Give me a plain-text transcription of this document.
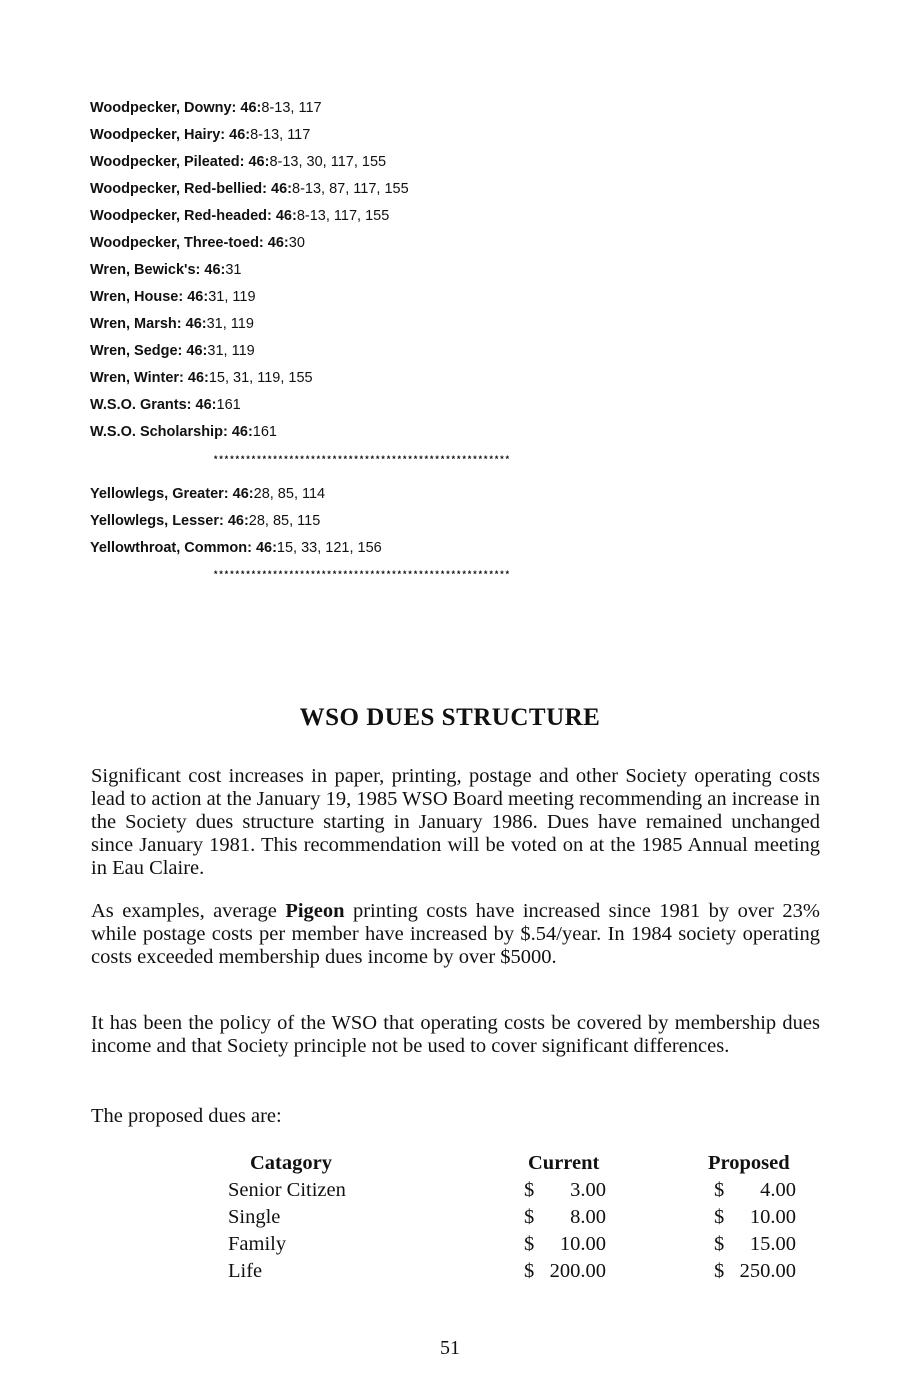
Woodpecker, Downy: 46:8-13, 117
Woodpecker, Hairy: 46:8-13, 117
Woodpecker, Pileated: 46:8-13, 30, 117, 155
Woodpecker, Red-bellied: 46:8-13, 87, 117, 155
Woodpecker, Red-headed: 46:8-13, 117, 155
Woodpecker, Three-toed: 46:30
Wren, Bewick's: 46:31
Wren, House: 46:31, 119
Wren, Marsh: 46:31, 119
Wren, Sedge: 46:31, 119
Wren, Winter: 46:15, 31, 119, 155
W.S.O. Grants: 46:161
W.S.O. Scholarship: 46:161
*******************************************************
Yellowlegs, Greater: 46:28, 85, 114
Yellowlegs, Lesser: 46:28, 85, 115
Yellowthroat, Common: 46:15, 33, 121, 156
*******************************************************
WSO DUES STRUCTURE
Significant cost increases in paper, printing, postage and other Society operating costs lead to action at the January 19, 1985 WSO Board meeting recommending an increase in the Society dues structure starting in January 1986. Dues have remained unchanged since January 1981. This recommendation will be voted on at the 1985 Annual meeting in Eau Claire.
As examples, average Pigeon printing costs have increased since 1981 by over 23% while postage costs per member have increased by $.54/year. In 1984 society operating costs exceeded membership dues income by over $5000.
It has been the policy of the WSO that operating costs be covered by membership dues income and that Society principle not be used to cover significant differences.
The proposed dues are:
Catagory	Current	Proposed
Senior Citizen	$ 3.00	$ 4.00
Single	$ 8.00	$ 10.00
Family	$ 10.00	$ 15.00
Life	$ 200.00	$ 250.00
51
